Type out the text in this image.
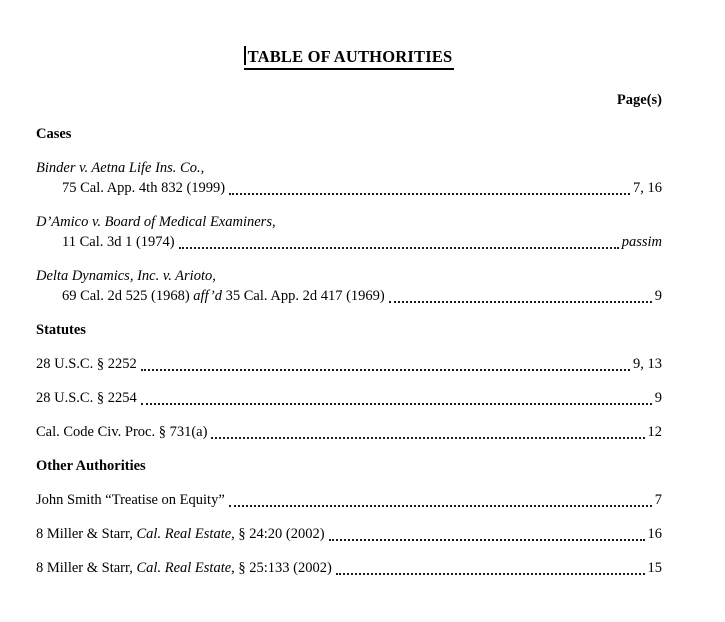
TABLE OF AUTHORITIES
Page(s)
Cases
Binder v. Aetna Life Ins. Co.,
75 Cal. App. 4th 832 (1999)	7, 16
D’Amico v. Board of Medical Examiners,
11 Cal. 3d 1 (1974)	passim
Delta Dynamics, Inc. v. Arioto,
69 Cal. 2d 525 (1968) aff’d 35 Cal. App. 2d 417 (1969)	9
Statutes
28 U.S.C. § 2252	9, 13
28 U.S.C. § 2254	9
Cal. Code Civ. Proc. § 731(a)	12
Other Authorities
John Smith “Treatise on Equity”	7
8 Miller & Starr, Cal. Real Estate, § 24:20 (2002)	16
8 Miller & Starr, Cal. Real Estate, § 25:133 (2002)	15
